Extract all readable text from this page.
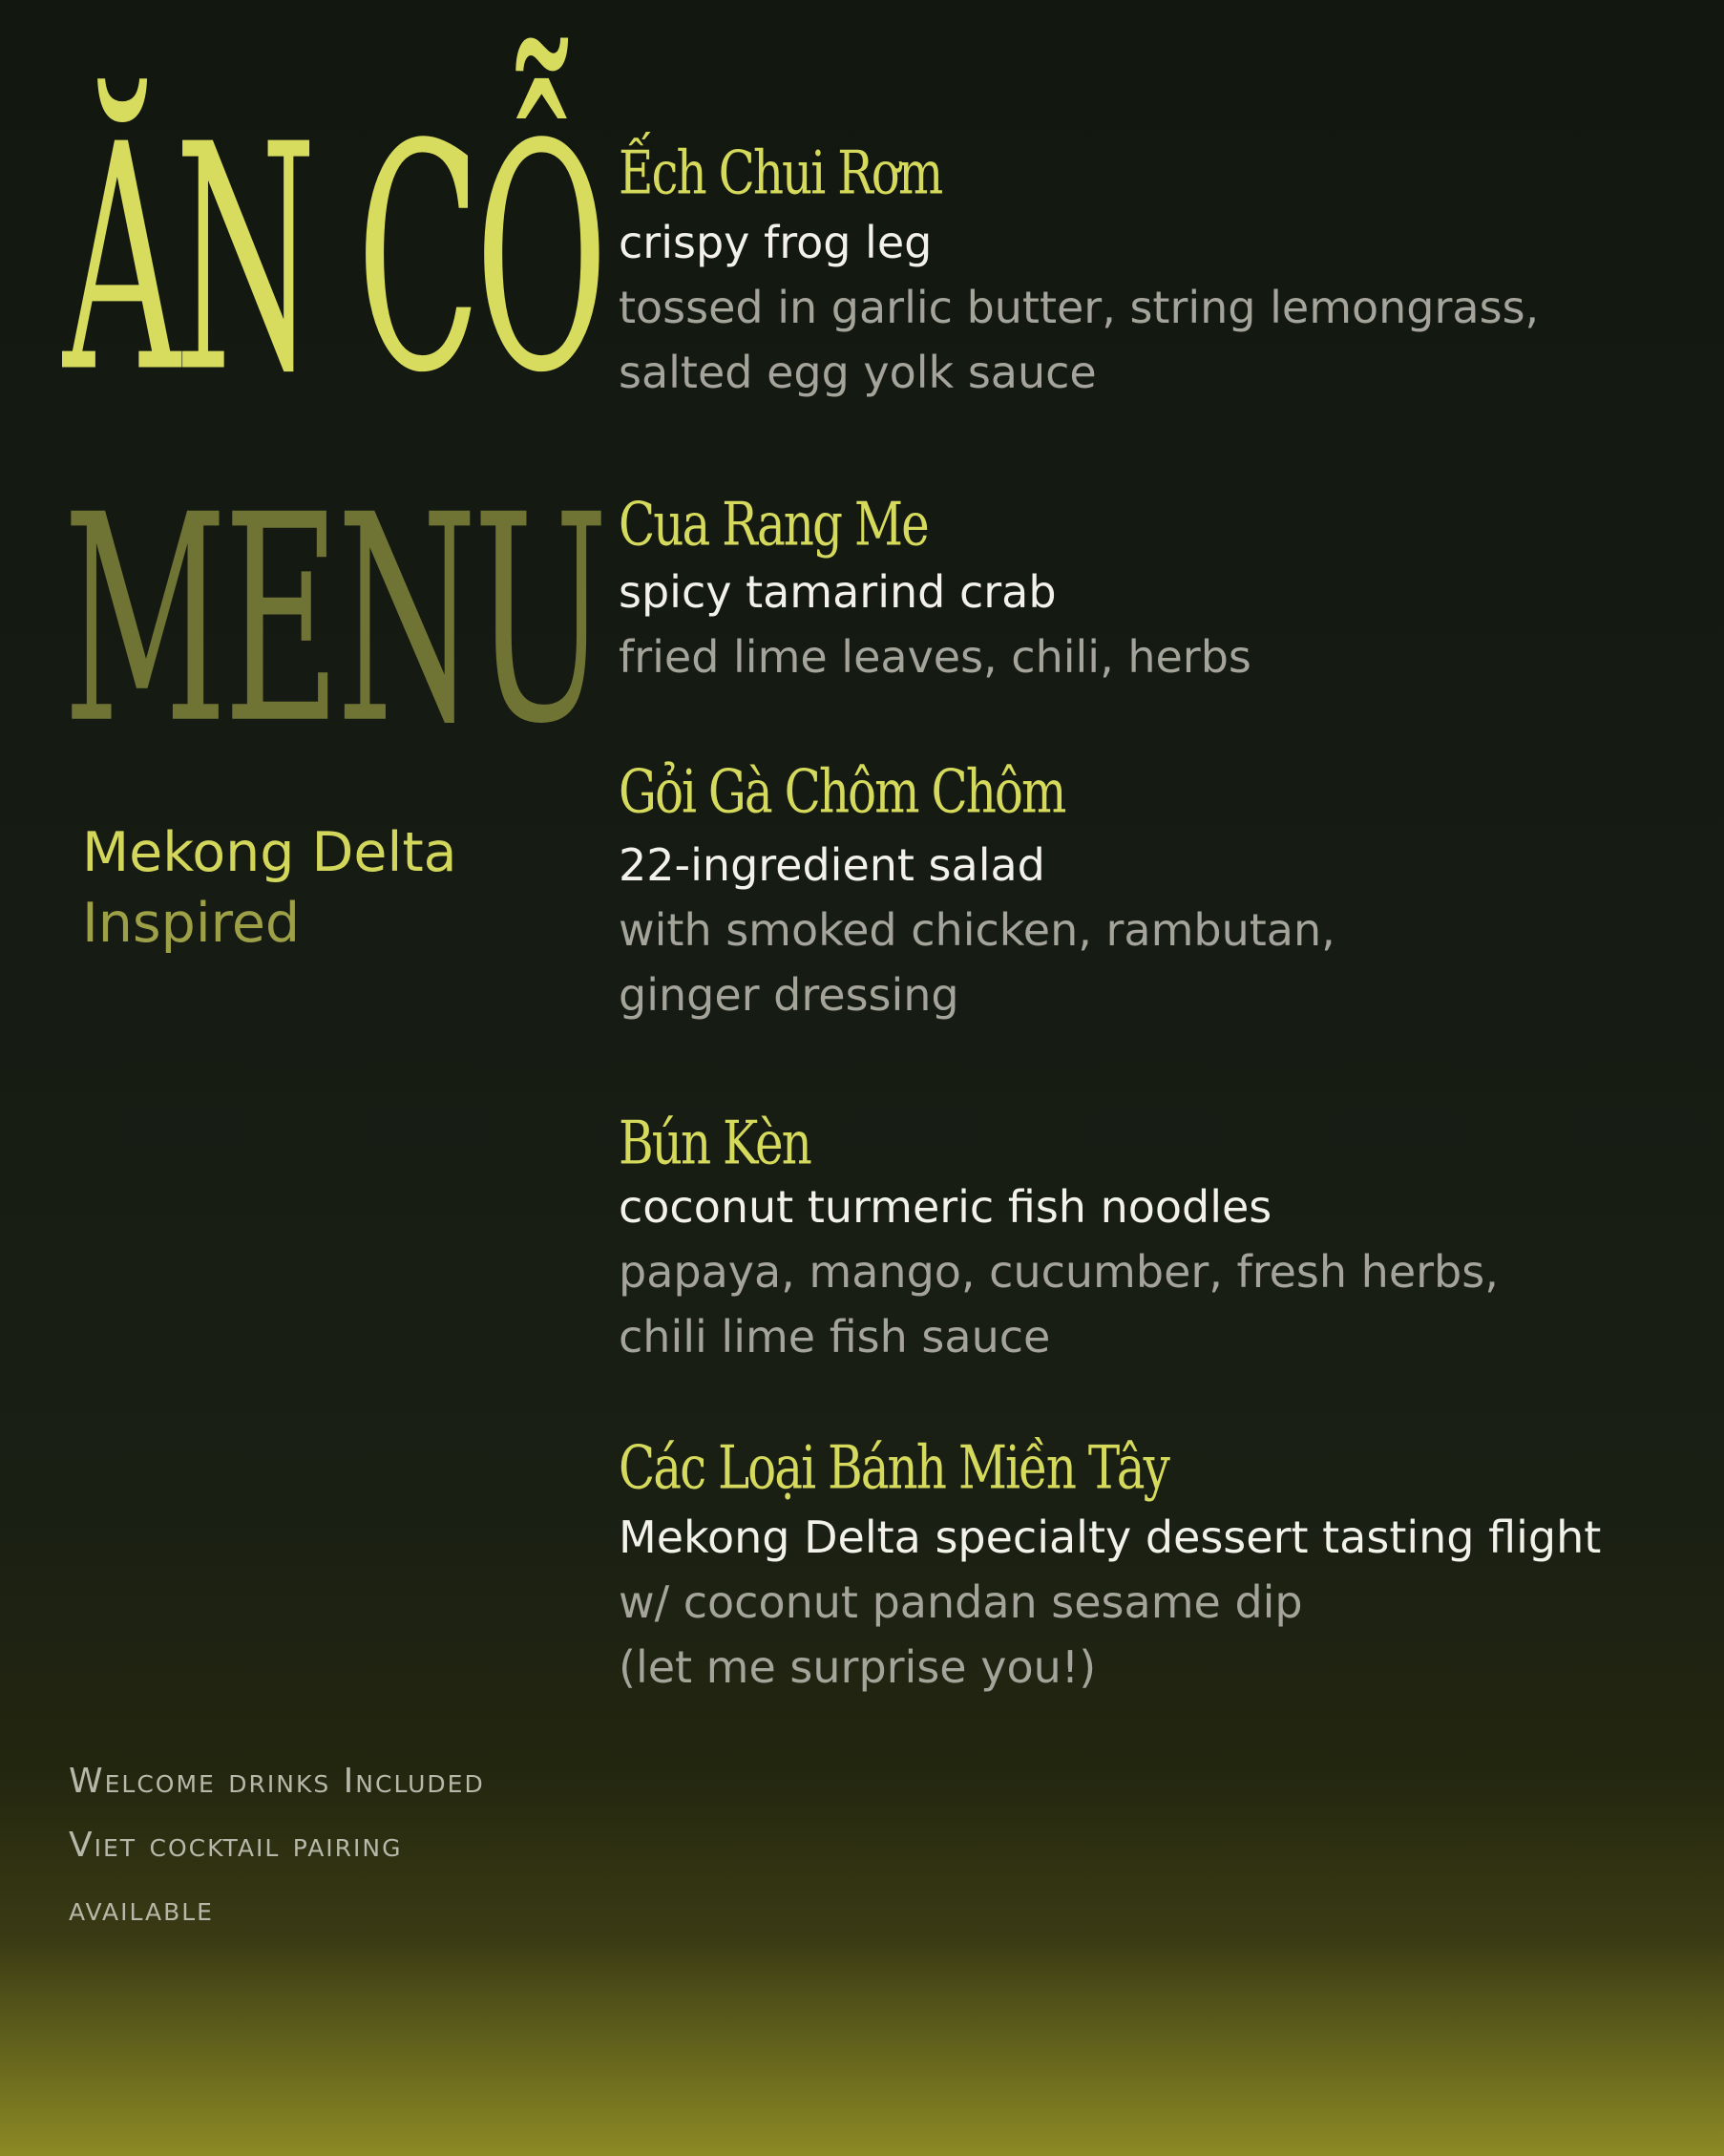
ĂN CỖ
MENU
Mekong Delta
Inspired
Welcome drinks Included
Viet cocktail pairing
available
Ếch Chui Rơm
crispy frog leg
tossed in garlic butter, string lemongrass,
salted egg yolk sauce
Cua Rang Me
spicy tamarind crab
fried lime leaves, chili, herbs
Gỏi Gà Chôm Chôm
22-ingredient salad
with smoked chicken, rambutan,
ginger dressing
Bún Kèn
coconut turmeric fish noodles
papaya, mango, cucumber, fresh herbs,
chili lime fish sauce
Các Loại Bánh Miền Tây
Mekong Delta specialty dessert tasting flight
w/ coconut pandan sesame dip
(let me surprise you!)
